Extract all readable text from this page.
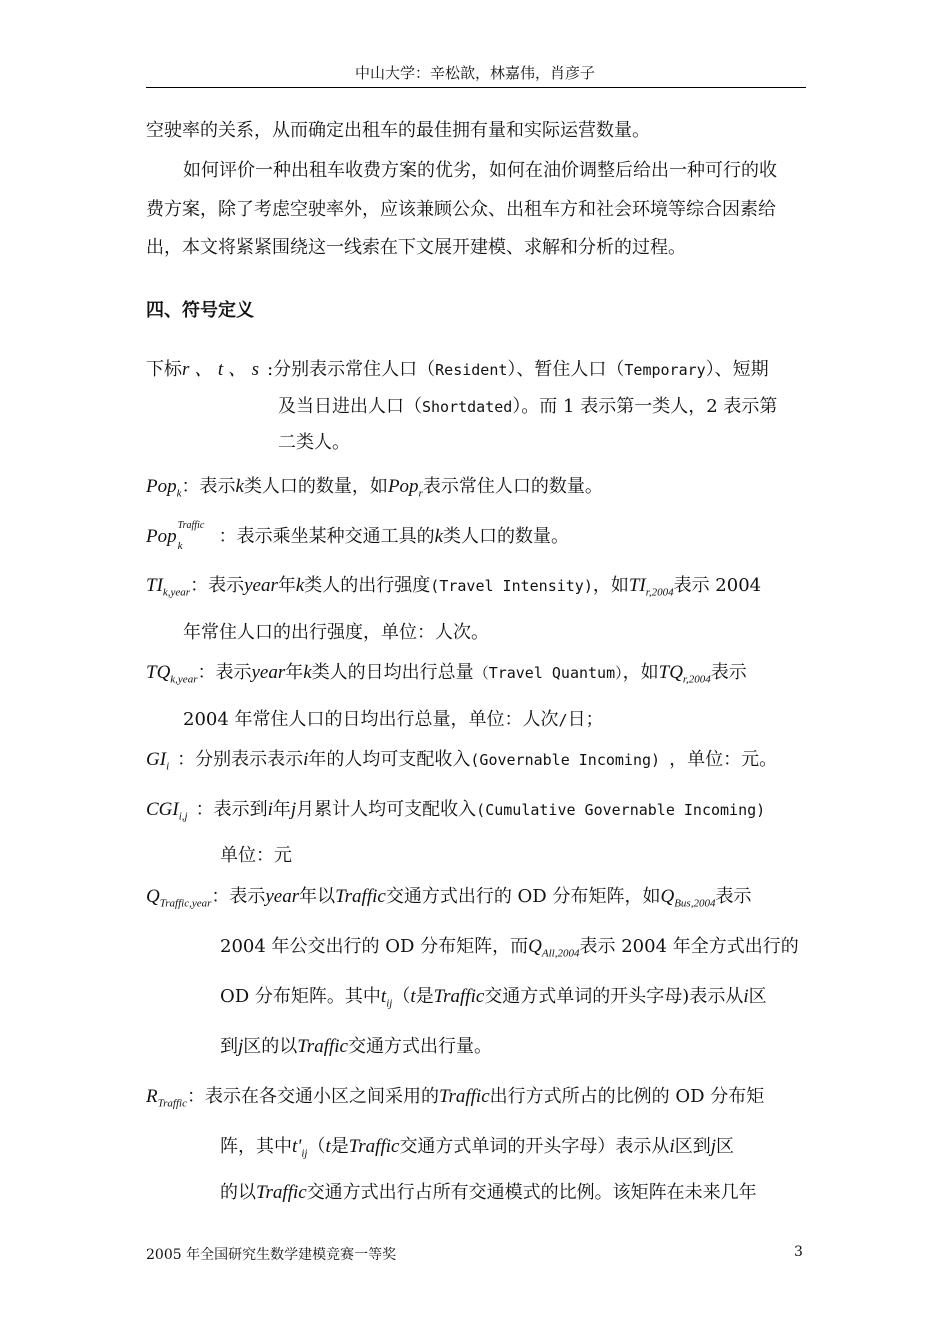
中山大学：辛松歆，林嘉伟，肖彦子
空驶率的关系，从而确定出租车的最佳拥有量和实际运营数量。
如何评价一种出租车收费方案的优劣，如何在油价调整后给出一种可行的收
费方案，除了考虑空驶率外，应该兼顾公众、出租车方和社会环境等综合因素给
出，本文将紧紧围绕这一线索在下文展开建模、求解和分析的过程。
四、符号定义
下标r 、 t 、 s :分别表示常住人口（Resident）、暂住人口（Temporary）、短期
及当日进出人口（Shortdated）。而 1 表示第一类人，2 表示第
二类人。
Pop$_k$：表示k类人口的数量，如Pop$_r$表示常住人口的数量。
Pop
Traffic
k ：表示乘坐某种交通工具的k类人口的数量。
$TI_{k,year}$：表示year年k类人的出行强度(Travel Intensity)，如$TI_{r,2004}$表示 2004
年常住人口的出行强度，单位：人次。
$TQ_{k,year}$：表示year年k类人的日均出行总量（Travel Quantum），如$TQ_{r,2004}$表示
2004 年常住人口的日均出行总量，单位：人次/日；
$GI_i$ ：分别表示表示i年的人均可支配收入(Governable Incoming) ，单位：元。
$CGI_{i,j}$ ：表示到i年j月累计人均可支配收入(Cumulative Governable Incoming)
单位：元
$Q_{Traffic,year}$：表示year年以Traffic交通方式出行的 OD 分布矩阵，如$Q_{Bus,2004}$表示
2004 年公交出行的 OD 分布矩阵，而$Q_{All,2004}$表示 2004 年全方式出行的
OD 分布矩阵。其中$t_{ij}(t$是Traffic交通方式单词的开头字母)表示从i区
到j区的以Traffic交通方式出行量。
$R_{Traffic}$：表示在各交通小区之间采用的Traffic出行方式所占的比例的 OD 分布矩
阵，其中$t'_{ij}(t$是Traffic交通方式单词的开头字母）表示从i区到j区
的以Traffic交通方式出行占所有交通模式的比例。该矩阵在未来几年
2005 年全国研究生数学建模竞赛一等奖	3
